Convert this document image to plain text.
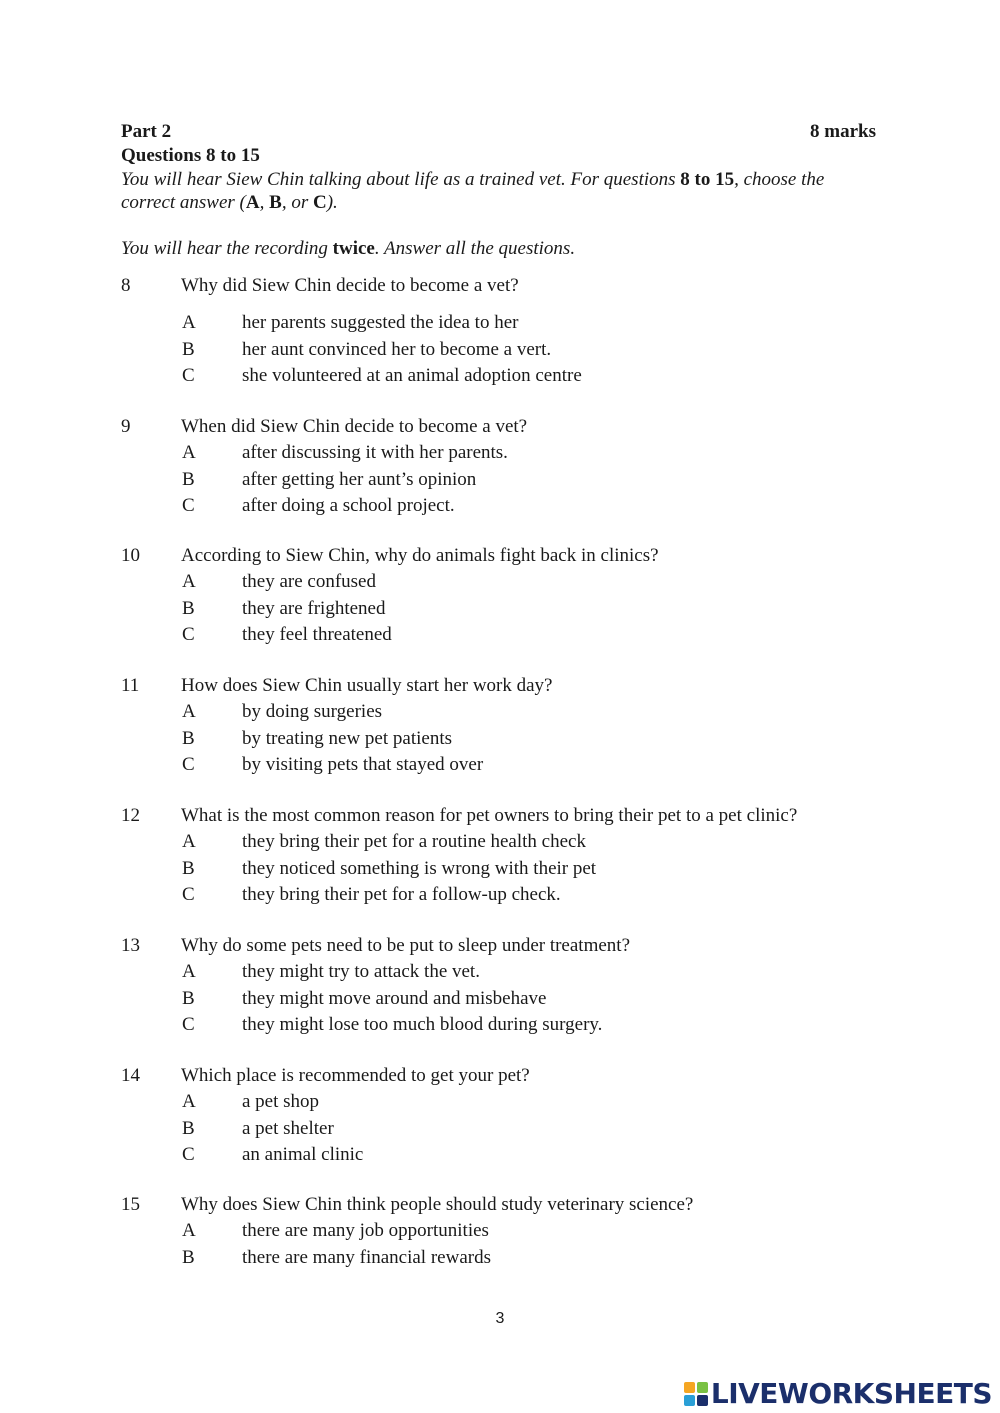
Part 2	8 marks
Questions 8 to 15
You will hear Siew Chin talking about life as a trained vet. For questions 8 to 15, choose the correct answer (A, B, or C).
You will hear the recording twice. Answer all the questions.
8	Why did Siew Chin decide to become a vet?
A	her parents suggested the idea to her
B	her aunt convinced her to become a vert.
C	she volunteered at an animal adoption centre
9	When did Siew Chin decide to become a vet?
A	after discussing it with her parents.
B	after getting her aunt’s opinion
C	after doing a school project.
10	According to Siew Chin, why do animals fight back in clinics?
A	they are confused
B	they are frightened
C	they feel threatened
11	How does Siew Chin usually start her work day?
A	by doing surgeries
B	by treating new pet patients
C	by visiting pets that stayed over
12	What is the most common reason for pet owners to bring their pet to a pet clinic?
A	they bring their pet for a routine health check
B	they noticed something is wrong with their pet
C	they bring their pet for a follow-up check.
13	Why do some pets need to be put to sleep under treatment?
A	they might try to attack the vet.
B	they might move around and misbehave
C	they might lose too much blood during surgery.
14	Which place is recommended to get your pet?
A	a pet shop
B	a pet shelter
C	an animal clinic
15	Why does Siew Chin think people should study veterinary science?
A	there are many job opportunities
B	there are many financial rewards
3
LIVEWORKSHEETS
